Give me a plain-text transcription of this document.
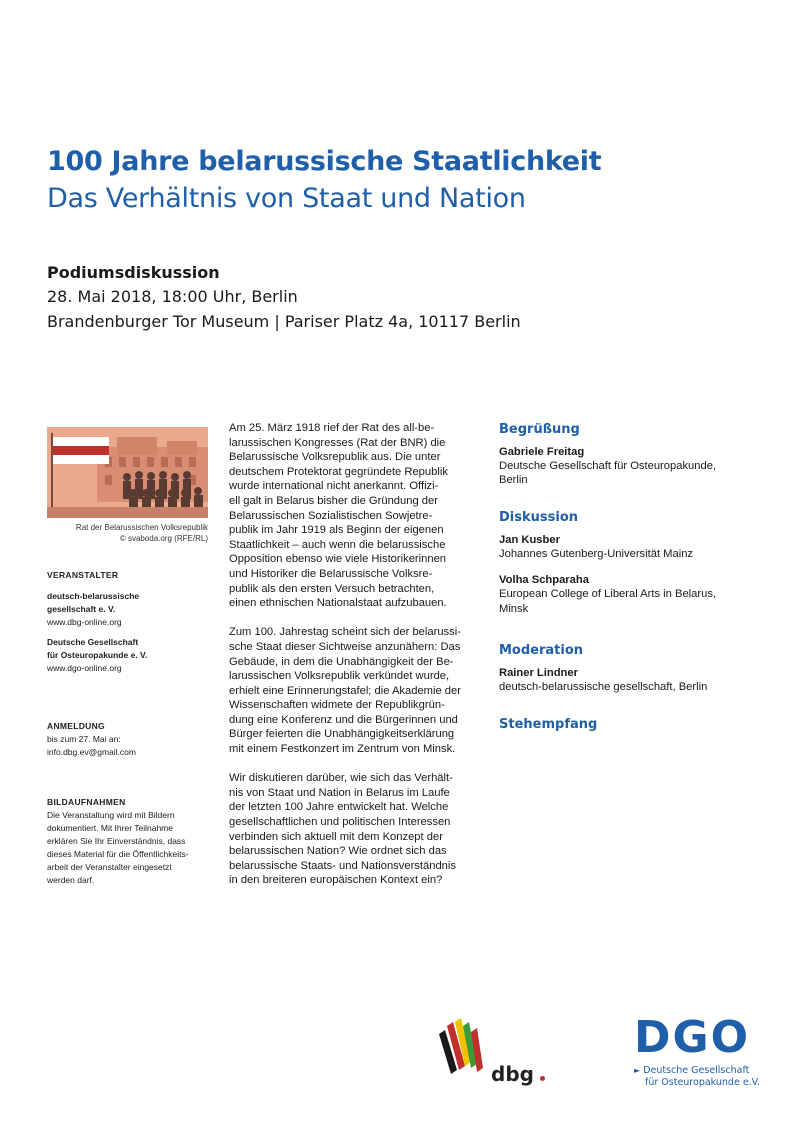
100 Jahre belarussische Staatlichkeit
Das Verhältnis von Staat und Nation
Podiumsdiskussion
28. Mai 2018, 18:00 Uhr, Berlin
Brandenburger Tor Museum | Pariser Platz 4a, 10117 Berlin
Rat der Belarussischen Volksrepublik
© svaboda.org (RFE/RL)
VERANSTALTER
deutsch-belarussische
gesellschaft e. V.
www.dbg-online.org
Deutsche Gesellschaft
für Osteuropakunde e. V.
www.dgo-online.org
ANMELDUNG
bis zum 27. Mai an:
info.dbg.ev@gmail.com
BILDAUFNAHMEN
Die Veranstaltung wird mit Bildern
dokumentiert. Mit Ihrer Teilnahme
erklären Sie Ihr Einverständnis, dass
dieses Material für die Öffentlichkeits-
arbeit der Veranstalter eingesetzt
werden darf.

Am 25. März 1918 rief der Rat des all-be-
larussischen Kongresses (Rat der BNR) die
Belarussische Volksrepublik aus. Die unter
deutschem Protektorat gegründete Republik
wurde international nicht anerkannt. Offizi-
ell galt in Belarus bisher die Gründung der
Belarussischen Sozialistischen Sowjetre-
publik im Jahr 1919 als Beginn der eigenen
Staatlichkeit – auch wenn die belarussische
Opposition ebenso wie viele Historikerinnen
und Historiker die Belarussische Volksre-
publik als den ersten Versuch betrachten,
einen ethnischen Nationalstaat aufzubauen.

Zum 100. Jahrestag scheint sich der belarussi-
sche Staat dieser Sichtweise anzunähern: Das
Gebäude, in dem die Unabhängigkeit der Be-
larussischen Volksrepublik verkündet wurde,
erhielt eine Erinnerungstafel; die Akademie der
Wissenschaften widmete der Republikgrün-
dung eine Konferenz und die Bürgerinnen und
Bürger feierten die Unabhängigkeitserklärung
mit einem Festkonzert im Zentrum von Minsk.

Wir diskutieren darüber, wie sich das Verhält-
nis von Staat und Nation in Belarus im Laufe
der letzten 100 Jahre entwickelt hat. Welche
gesellschaftlichen und politischen Interessen
verbinden sich aktuell mit dem Konzept der
belarussischen Nation? Wie ordnet sich das
belarussische Staats- und Nationsverständnis
in den breiteren europäischen Kontext ein?

Begrüßung
Gabriele Freitag
Deutsche Gesellschaft für Osteuropakunde,
Berlin
Diskussion
Jan Kusber
Johannes Gutenberg-Universität Mainz
Volha Schparaha
European College of Liberal Arts in Belarus,
Minsk
Moderation
Rainer Lindner
deutsch-belarussische gesellschaft, Berlin
Stehempfang
dbg
DGO
► Deutsche Gesellschaft
für Osteuropakunde e.V.
